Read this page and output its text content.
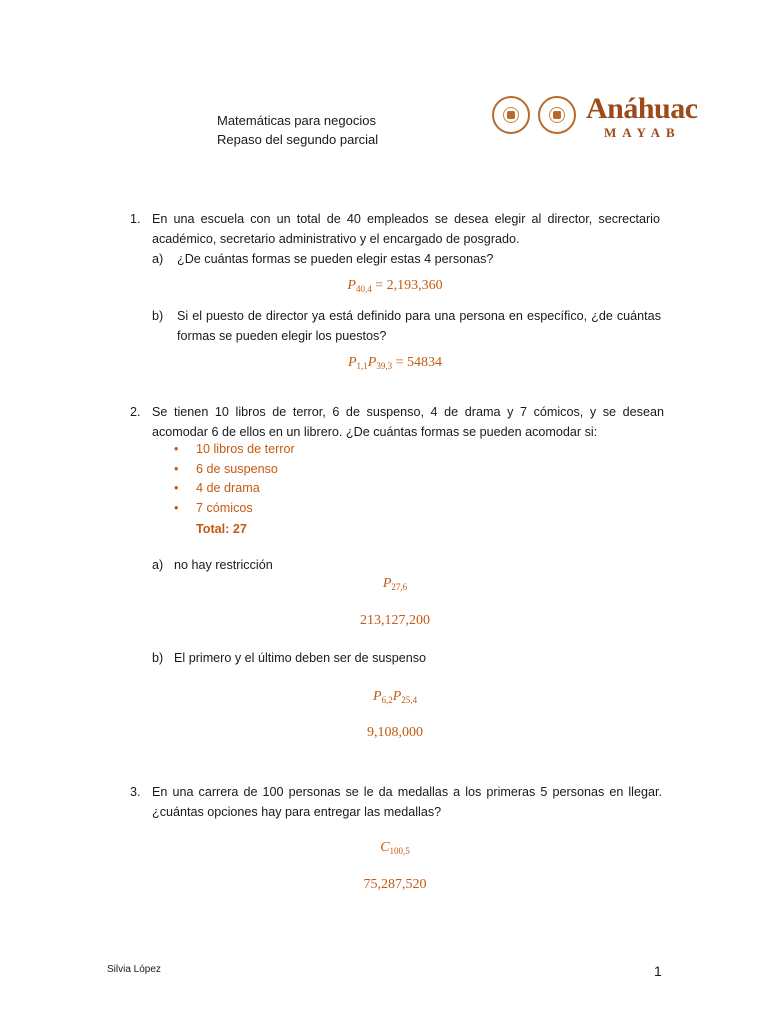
Matemáticas para negocios
Repaso del segundo parcial
Anáhuac
MAYAB
1. En una escuela con un total de 40 empleados se desea elegir al director, secrectario académico, secretario administrativo y el encargado de posgrado.
a) ¿De cuántas formas se pueden elegir estas 4 personas?
$P_{40,4} = 2,193,360$
b) Si el puesto de director ya está definido para una persona en específico, ¿de cuántas formas se pueden elegir los puestos?
$P_{1,1}P_{39,3} = 54834$
2. Se tienen 10 libros de terror, 6 de suspenso, 4 de drama y 7 cómicos, y se desean acomodar 6 de ellos en un librero. ¿De cuántas formas se pueden acomodar si:
• 10 libros de terror
• 6 de suspenso
• 4 de drama
• 7 cómicos
Total: 27
a) no hay restricción
$P_{27,6}$
213,127,200
b) El primero y el último deben ser de suspenso
$P_{6,2}P_{25,4}$
9,108,000
3. En una carrera de 100 personas se le da medallas a los primeras 5 personas en llegar. ¿cuántas opciones hay para entregar las medallas?
$C_{100,5}$
75,287,520
Silvia López	1
